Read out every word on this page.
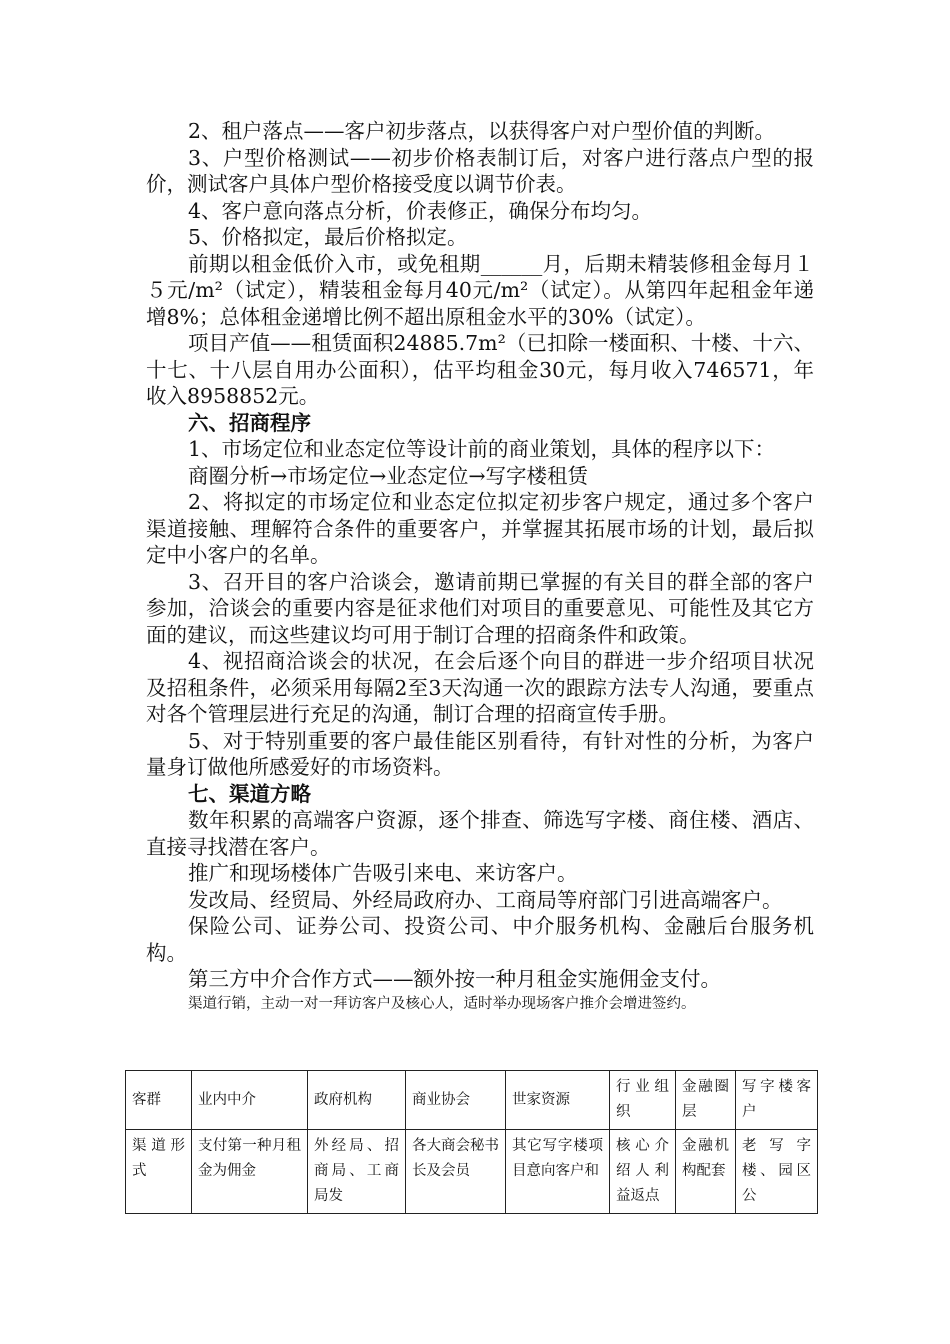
2、租户落点——客户初步落点，以获得客户对户型价值的判断。

3、户型价格测试——初步价格表制订后，对客户进行落点户型的报价，测试客户具体户型价格接受度以调节价表。

4、客户意向落点分析，价表修正，确保分布均匀。

5、价格拟定，最后价格拟定。

前期以租金低价入市，或免租期______月，后期未精装修租金每月１５元/m²（试定），精装租金每月40元/m²（试定）。从第四年起租金年递增8%；总体租金递增比例不超出原租金水平的30%（试定）。

项目产值——租赁面积24885.7m²（已扣除一楼面积、十楼、十六、十七、十八层自用办公面积），估平均租金30元，每月收入746571，年收入8958852元。

六、招商程序

1、市场定位和业态定位等设计前的商业策划，具体的程序以下：

商圈分析→市场定位→业态定位→写字楼租赁

2、将拟定的市场定位和业态定位拟定初步客户规定，通过多个客户渠道接触、理解符合条件的重要客户，并掌握其拓展市场的计划，最后拟定中小客户的名单。

3、召开目的客户洽谈会，邀请前期已掌握的有关目的群全部的客户参加，洽谈会的重要内容是征求他们对项目的重要意见、可能性及其它方面的建议，而这些建议均可用于制订合理的招商条件和政策。

4、视招商洽谈会的状况，在会后逐个向目的群进一步介绍项目状况及招租条件，必须采用每隔2至3天沟通一次的跟踪方法专人沟通，要重点对各个管理层进行充足的沟通，制订合理的招商宣传手册。

5、对于特别重要的客户最佳能区别看待，有针对性的分析，为客户量身订做他所感爱好的市场资料。

七、渠道方略

数年积累的高端客户资源，逐个排查、筛选写字楼、商住楼、酒店、直接寻找潜在客户。

推广和现场楼体广告吸引来电、来访客户。

发改局、经贸局、外经局政府办、工商局等府部门引进高端客户。

保险公司、证券公司、投资公司、中介服务机构、金融后台服务机构。

第三方中介合作方式——额外按一种月租金实施佣金支付。

渠道行销，主动一对一拜访客户及核心人，适时举办现场客户推介会增进签约。

客群	业内中介	政府机构	商业协会	世家资源	行业组织	金融圈层	写字楼客户
渠道形式	支付第一种月租金为佣金	外经局、招商局、工商局发	各大商会秘书长及会员	其它写字楼项目意向客户和	核心介绍人利益返点	金融机构配套	老写字楼、园区公
